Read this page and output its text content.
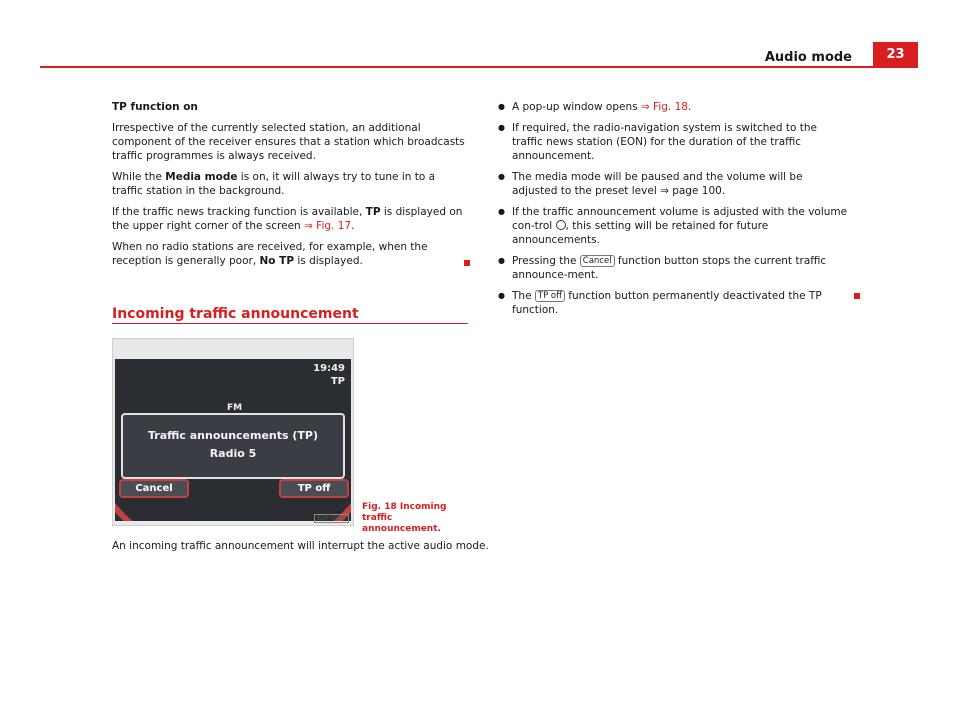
Audio mode	23

TP function on

Irrespective of the currently selected station, an additional component of the receiver ensures that a station which broadcasts traffic programmes is always received.

While the Media mode is on, it will always try to tune in to a traffic station in the background.

If the traffic news tracking function is available, TP is displayed on the upper right corner of the screen ⇒ Fig. 17.

When no radio stations are received, for example, when the reception is generally poor, No TP is displayed.

Incoming traffic announcement
19:49
TP
FM
Traffic announcements (TP)
Radio 5
Cancel	TP off
B5P-0524
Fig. 18 Incoming traffic announcement.
An incoming traffic announcement will interrupt the active audio mode.

● A pop-up window opens ⇒ Fig. 18.

● If required, the radio-navigation system is switched to the traffic news station (EON) for the duration of the traffic announcement.

● The media mode will be paused and the volume will be adjusted to the preset level ⇒ page 100.

● If the traffic announcement volume is adjusted with the volume con-trol , this setting will be retained for future announcements.

● Pressing the Cancel function button stops the current traffic announce-ment.

● The TP off function button permanently deactivated the TP function.
